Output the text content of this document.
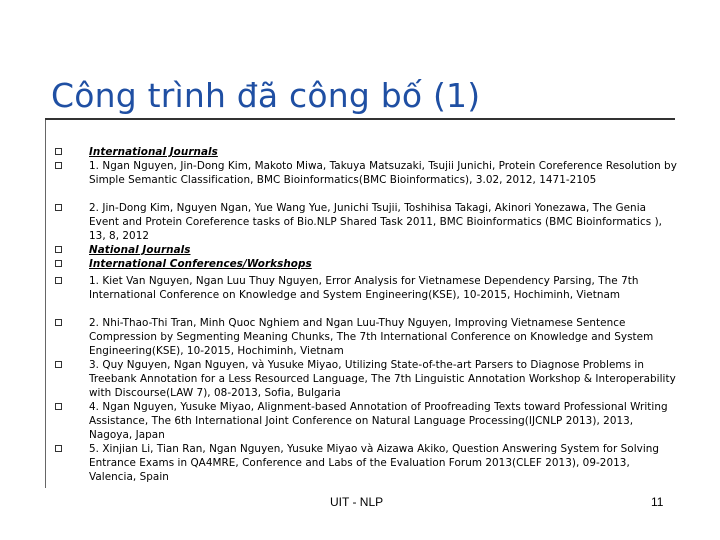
Công trình đã công bố (1)
International Journals
1. Ngan Nguyen, Jin-Dong Kim, Makoto Miwa, Takuya Matsuzaki, Tsujii Junichi, Protein Coreference Resolution by Simple Semantic Classification, BMC Bioinformatics(BMC Bioinformatics), 3.02, 2012, 1471-2105
2. Jin-Dong Kim, Nguyen Ngan, Yue Wang Yue, Junichi Tsujii, Toshihisa Takagi, Akinori Yonezawa, The Genia Event and Protein Coreference tasks of Bio.NLP Shared Task 2011, BMC Bioinformatics (BMC Bioinformatics ), 13, 8, 2012
National Journals
International Conferences/Workshops
1. Kiet Van Nguyen, Ngan Luu Thuy Nguyen, Error Analysis for Vietnamese Dependency Parsing, The 7th International Conference on Knowledge and System Engineering(KSE), 10-2015, Hochiminh, Vietnam
2. Nhi-Thao-Thi Tran, Minh Quoc Nghiem and Ngan Luu-Thuy Nguyen, Improving Vietnamese Sentence Compression by Segmenting Meaning Chunks, The 7th International Conference on Knowledge and System Engineering(KSE), 10-2015, Hochiminh, Vietnam
3. Quy Nguyen, Ngan Nguyen, và Yusuke Miyao, Utilizing State-of-the-art Parsers to Diagnose Problems in Treebank Annotation for a Less Resourced Language, The 7th Linguistic Annotation Workshop & Interoperability with Discourse(LAW 7), 08-2013, Sofia, Bulgaria
4. Ngan Nguyen, Yusuke Miyao, Alignment-based Annotation of Proofreading Texts toward Professional Writing Assistance, The 6th International Joint Conference on Natural Language Processing(IJCNLP 2013), 2013, Nagoya, Japan
5. Xinjian Li, Tian Ran, Ngan Nguyen, Yusuke Miyao và Aizawa Akiko, Question Answering System for Solving Entrance Exams in QA4MRE, Conference and Labs of the Evaluation Forum 2013(CLEF 2013), 09-2013, Valencia, Spain
UIT - NLP	11
